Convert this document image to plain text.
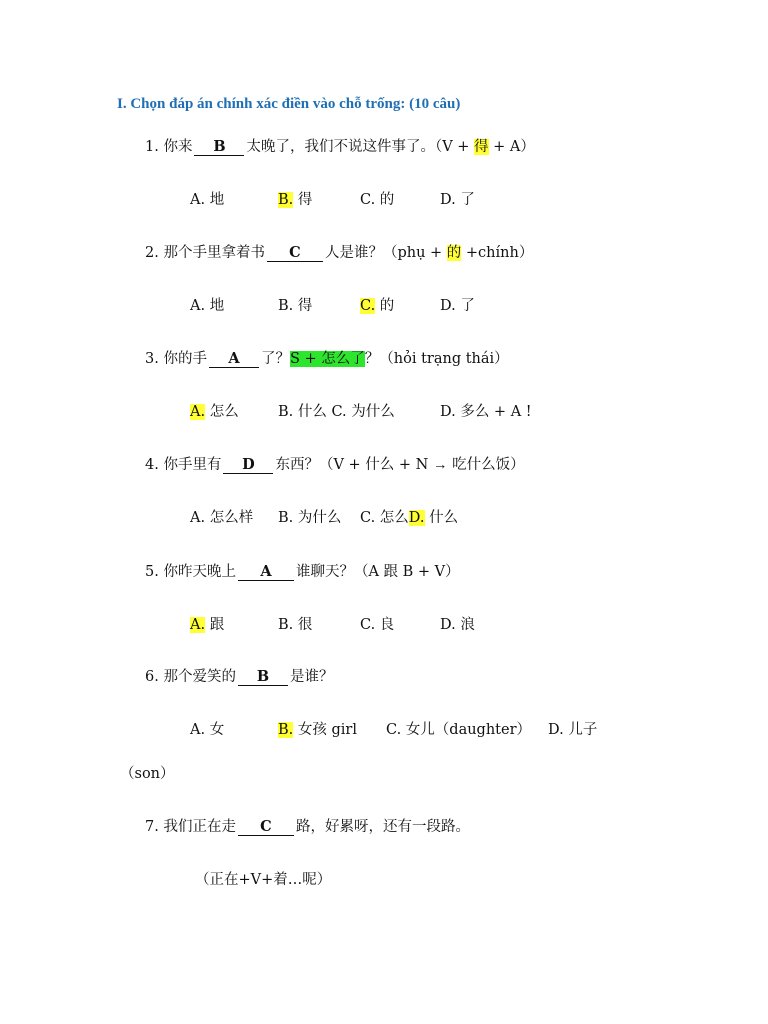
I. Chọn đáp án chính xác điền vào chỗ trống: (10 câu)
1. 你来 B 太晚了，我们不说这件事了。（V + 得 + A）
A. 地	B. 得	C. 的	D. 了
2. 那个手里拿着书 C 人是谁？（phụ + 的 +chính）
A. 地	B. 得	C. 的	D. 了
3. 你的手 A 了？S + 怎么了？（hỏi trạng thái）
A. 怎么	B. 什么 C. 为什么	D. 多么 + A !
4. 你手里有 D 东西？（V + 什么 + N → 吃什么饭）
A. 怎么样 B. 为什么 C. 怎么D. 什么
5. 你昨天晚上 A 谁聊天？（A 跟 B + V）
A. 跟	B. 很	C. 良	D. 浪
6. 那个爱笑的 B 是谁？
A. 女	B. 女孩 girl C. 女儿（daughter） D. 儿子
（son）
7. 我们正在走 C 路，好累呀，还有一段路。
（正在+V+着…呢）
